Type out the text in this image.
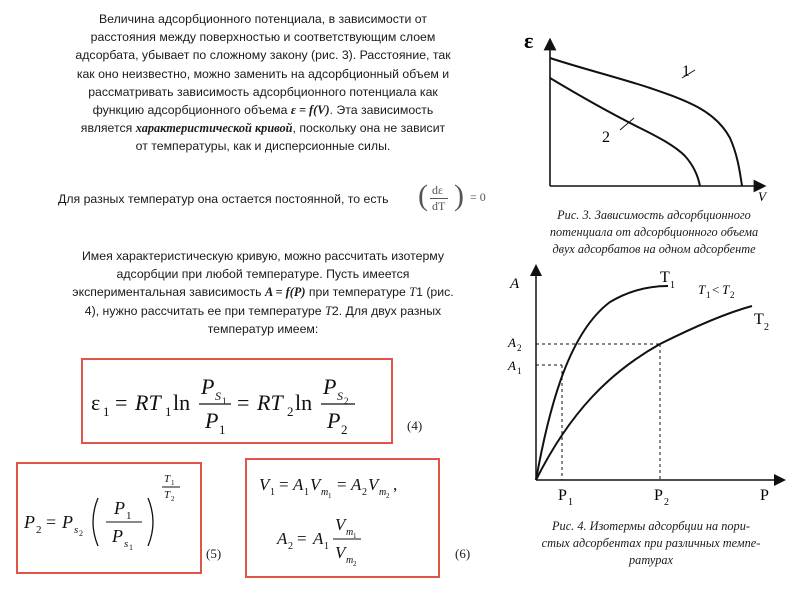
Величина адсорбционного потенциала, в зависимости от
расстояния между поверхностью и соответствующим слоем
адсорбата, убывает по сложному закону (рис. 3). Расстояние, так
как оно неизвестно, можно заменить на адсорбционный объем и
рассматривать зависимость адсорбционного потенциала как
функцию адсорбционного объема ε = f(V). Эта зависимость
является характеристической кривой, поскольку она не зависит
от температуры, как и дисперсионные силы.
Для разных температур она остается постоянной, то есть ( dε
dT ) = 0
Имея характеристическую кривую, можно рассчитать изотерму
адсорбции при любой температуре. Пусть имеется
экспериментальная зависимость A = f(P) при температуре T1 (рис.
4), нужно рассчитать ее при температуре T2. Для двух разных
температур имеем:
ε 1 = RT 1 ln
P S 1
P 1
= RT 2 ln
P S 2
P 2	(4)
P 2 = P s 2
P 1
P s 1
T 1
T 2
(5)
V 1 = A 1 V m 1
= A 2 V m 2
,
A 2 = A 1
V m 1
V m 2
(6)
ε
V
1
2
Рис. 3. Зависимость адсорбционного
потенциала от адсорбционного объема
двух адсорбатов на одном адсорбенте
A
P
A 2
A 1
P 1	P 2
T 1
T 2
T 1 < T 2
Рис. 4. Изотермы адсорбции на пори-
стых адсорбентах при различных темпе-
ратурах
